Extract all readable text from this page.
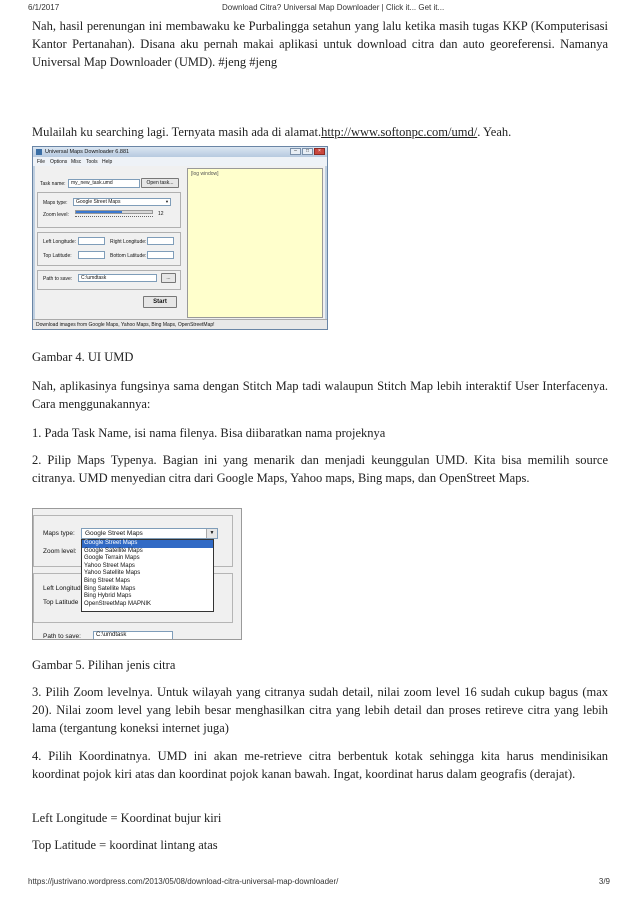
6/1/2017	Download Citra? Universal Map Downloader | Click it... Get it...

Nah, hasil perenungan ini membawaku ke Purbalingga setahun yang lalu ketika masih tugas KKP (Komputerisasi Kantor Pertanahan). Disana aku pernah makai aplikasi untuk download citra dan auto georeferensi. Namanya Universal Map Downloader (UMD). #jeng #jeng

Mulailah ku searching lagi. Ternyata masih ada di alamat.http://www.softonpc.com/umd/. Yeah.

Universal Maps Downloader 6.881	–	□	×
File Options Misc Tools Help
Task name:	my_new_task.umd	Open task...
Maps type:	Google Street Maps	▼
Zoom level:	12
Left Longitude:	Right Longitude:
Top Latitude:	Bottom Latitude:
Path to save:	C:\umdtask	...
Start
[log window]
Download images from Google Maps, Yahoo Maps, Bing Maps, OpenStreetMap!

Gambar 4. UI UMD

Nah, aplikasinya fungsinya sama dengan Stitch Map tadi walaupun Stitch Map lebih interaktif User Interfacenya. Cara menggunakannya:

1. Pada Task Name, isi nama filenya. Bisa diibaratkan nama projeknya

2. Pilip Maps Typenya. Bagian ini yang menarik dan menjadi keunggulan UMD. Kita bisa memilih source citranya. UMD menyedian citra dari Google Maps, Yahoo maps, Bing maps, dan OpenStreet Maps.

Maps type:	Google Street Maps	▼
Zoom level:
Left Longitud
Top Latitude
Path to save:	C:\umdtask
Google Street Maps
Google Satellite Maps
Google Terrain Maps
Yahoo Street Maps
Yahoo Satellite Maps
Bing Street Maps
Bing Satellite Maps
Bing Hybrid Maps
OpenStreetMap MAPNIK

Gambar 5. Pilihan jenis citra

3. Pilih Zoom levelnya. Untuk wilayah yang citranya sudah detail, nilai zoom level 16 sudah cukup bagus (max 20). Nilai zoom level yang lebih besar menghasilkan citra yang lebih detail dan proses retireve citra yang lebih lama (tergantung koneksi internet juga)

4. Pilih Koordinatnya. UMD ini akan me-retrieve citra berbentuk kotak sehingga kita harus mendinisikan koordinat pojok kiri atas dan koordinat pojok kanan bawah. Ingat, koordinat harus dalam geografis (derajat).

Left Longitude = Koordinat bujur kiri

Top Latitude = koordinat lintang atas

https://justrivano.wordpress.com/2013/05/08/download-citra-universal-map-downloader/	3/9
